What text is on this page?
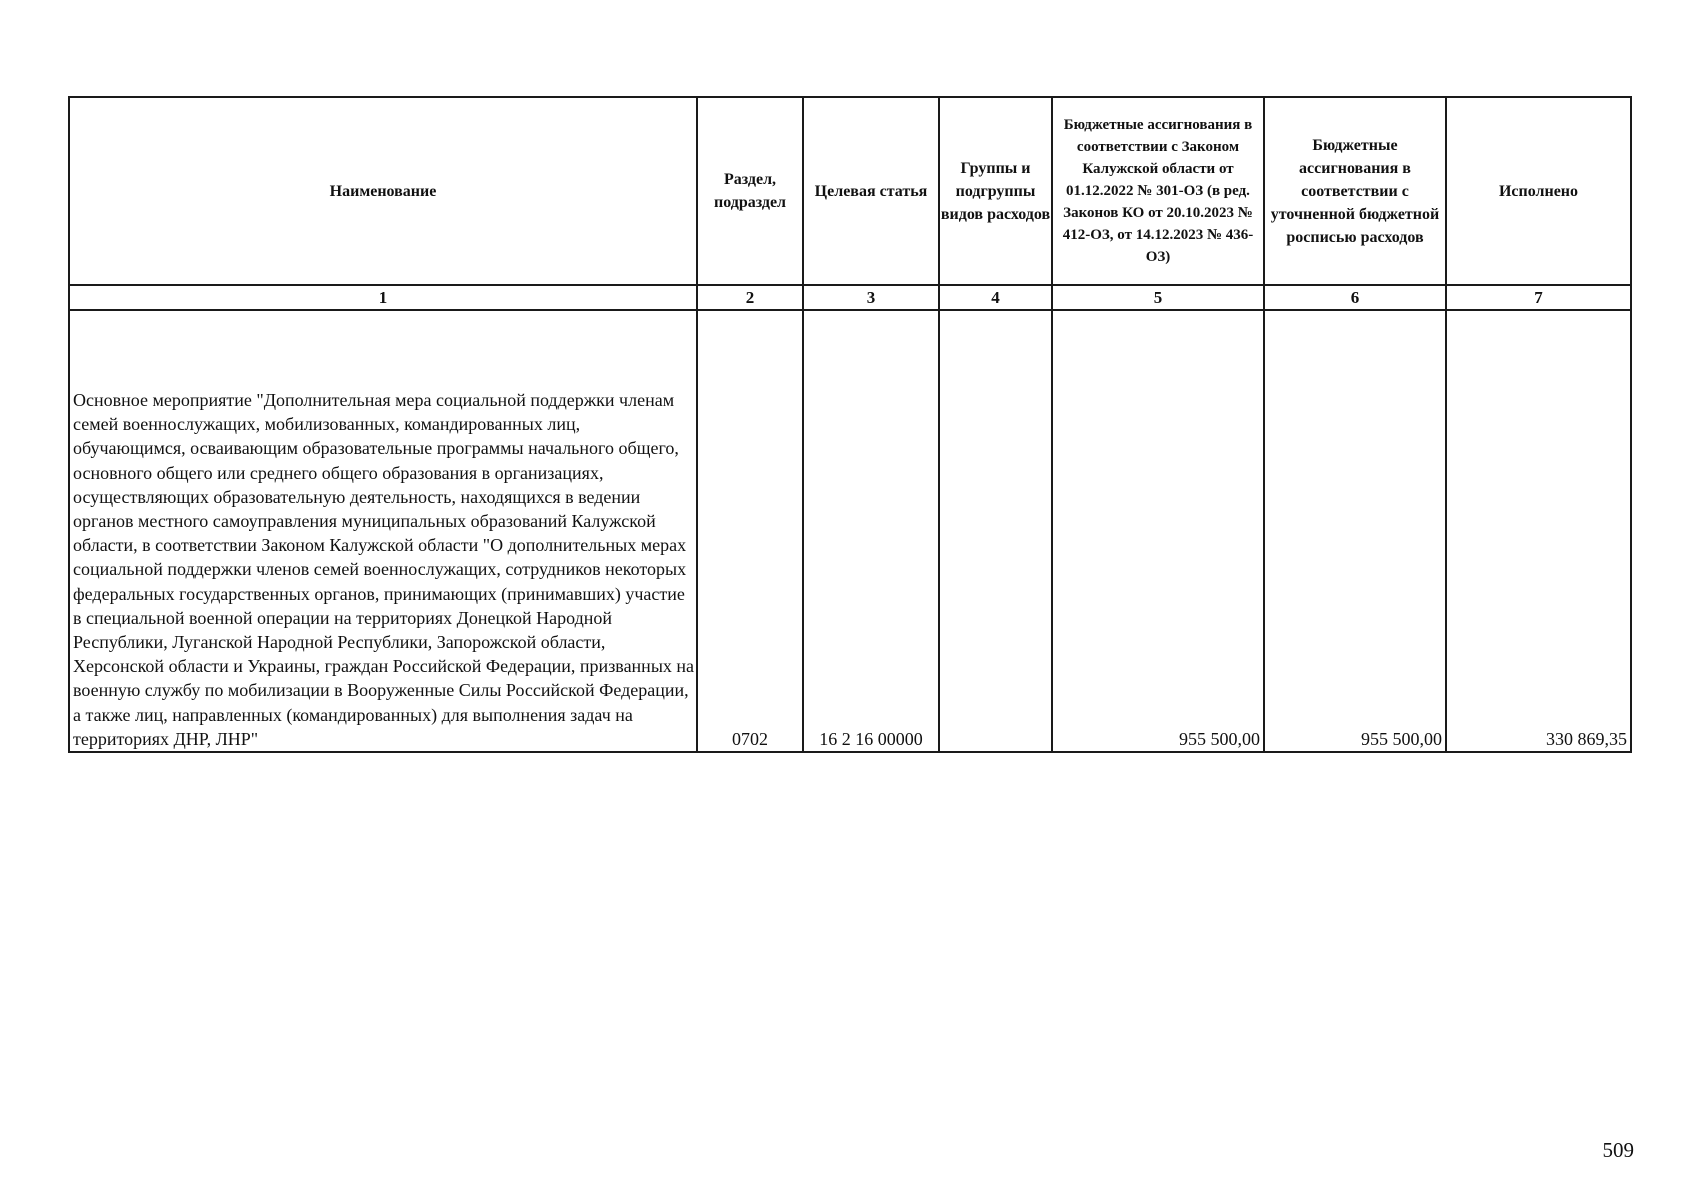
Наименование	Раздел, подраздел	Целевая статья	Группы и подгруппы видов расходов	Бюджетные ассигнования в соответствии с Законом Калужской области от 01.12.2022 № 301-ОЗ (в ред. Законов КО от 20.10.2023 № 412-ОЗ, от 14.12.2023 № 436-ОЗ)	Бюджетные ассигнования в соответствии с уточненной бюджетной росписью расходов	Исполнено

1	2	3	4	5	6	7

Основное мероприятие "Дополнительная мера социальной поддержки членам семей военнослужащих, мобилизованных, командированных лиц, обучающимся, осваивающим образовательные программы начального общего, основного общего или среднего общего образования в организациях, осуществляющих образовательную деятельность, находящихся в ведении органов местного самоуправления муниципальных образований Калужской области, в соответствии Законом Калужской области "О дополнительных мерах социальной поддержки членов семей военнослужащих, сотрудников некоторых федеральных государственных органов, принимающих (принимавших) участие в специальной военной операции на территориях Донецкой Народной Республики, Луганской Народной Республики, Запорожской области, Херсонской области и Украины, граждан Российской Федерации, призванных на военную службу по мобилизации в Вооруженные Силы Российской Федерации, а также лиц, направленных (командированных) для выполнения задач на территориях ДНР, ЛНР"	0702	16 2 16 00000		955 500,00	955 500,00	330 869,35
509
